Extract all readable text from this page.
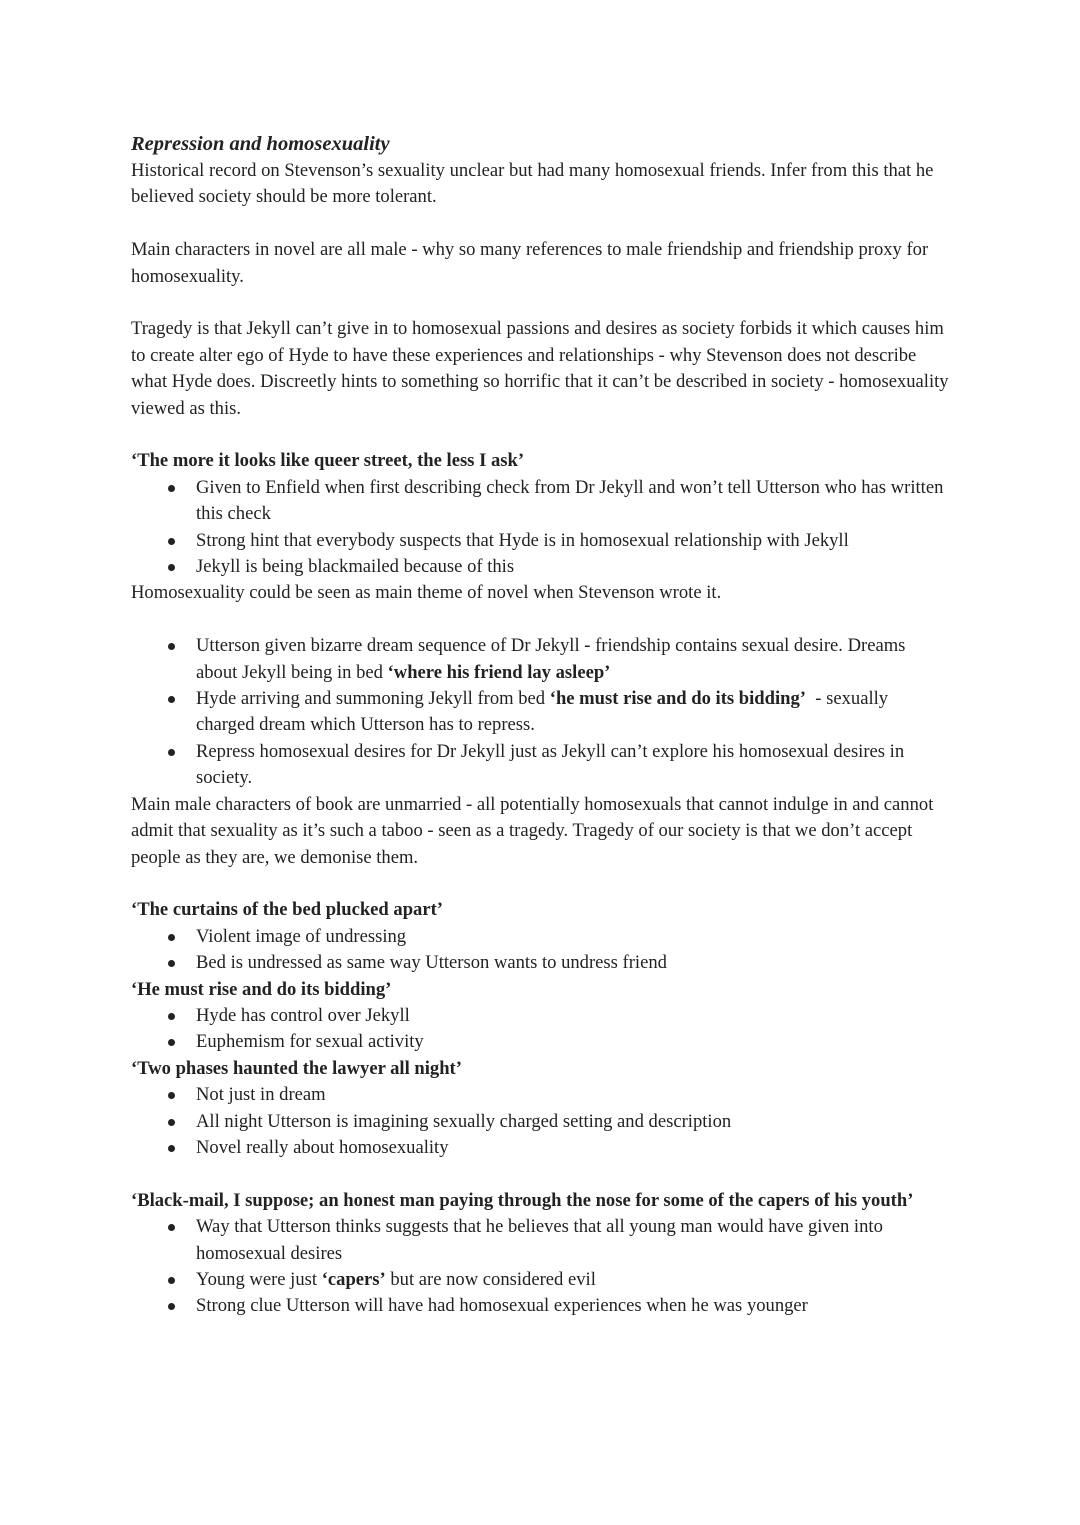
Repression and homosexuality

Historical record on Stevenson’s sexuality unclear but had many homosexual friends. Infer from this that he believed society should be more tolerant.

Main characters in novel are all male - why so many references to male friendship and friendship proxy for homosexuality.

Tragedy is that Jekyll can’t give in to homosexual passions and desires as society forbids it which causes him to create alter ego of Hyde to have these experiences and relationships - why Stevenson does not describe what Hyde does. Discreetly hints to something so horrific that it can’t be described in society - homosexuality viewed as this.

‘The more it looks like queer street, the less I ask’

Given to Enfield when first describing check from Dr Jekyll and won’t tell Utterson who has written this check
Strong hint that everybody suspects that Hyde is in homosexual relationship with Jekyll
Jekyll is being blackmailed because of this

Homosexuality could be seen as main theme of novel when Stevenson wrote it.

Utterson given bizarre dream sequence of Dr Jekyll - friendship contains sexual desire. Dreams about Jekyll being in bed ‘where his friend lay asleep’
Hyde arriving and summoning Jekyll from bed ‘he must rise and do its bidding’  - sexually charged dream which Utterson has to repress.
Repress homosexual desires for Dr Jekyll just as Jekyll can’t explore his homosexual desires in society.

Main male characters of book are unmarried - all potentially homosexuals that cannot indulge in and cannot admit that sexuality as it’s such a taboo - seen as a tragedy. Tragedy of our society is that we don’t accept people as they are, we demonise them.

‘The curtains of the bed plucked apart’

Violent image of undressing
Bed is undressed as same way Utterson wants to undress friend

‘He must rise and do its bidding’

Hyde has control over Jekyll
Euphemism for sexual activity

‘Two phases haunted the lawyer all night’

Not just in dream
All night Utterson is imagining sexually charged setting and description
Novel really about homosexuality

‘Black-mail, I suppose; an honest man paying through the nose for some of the capers of his youth’

Way that Utterson thinks suggests that he believes that all young man would have given into homosexual desires
Young were just ‘capers’ but are now considered evil
Strong clue Utterson will have had homosexual experiences when he was younger
